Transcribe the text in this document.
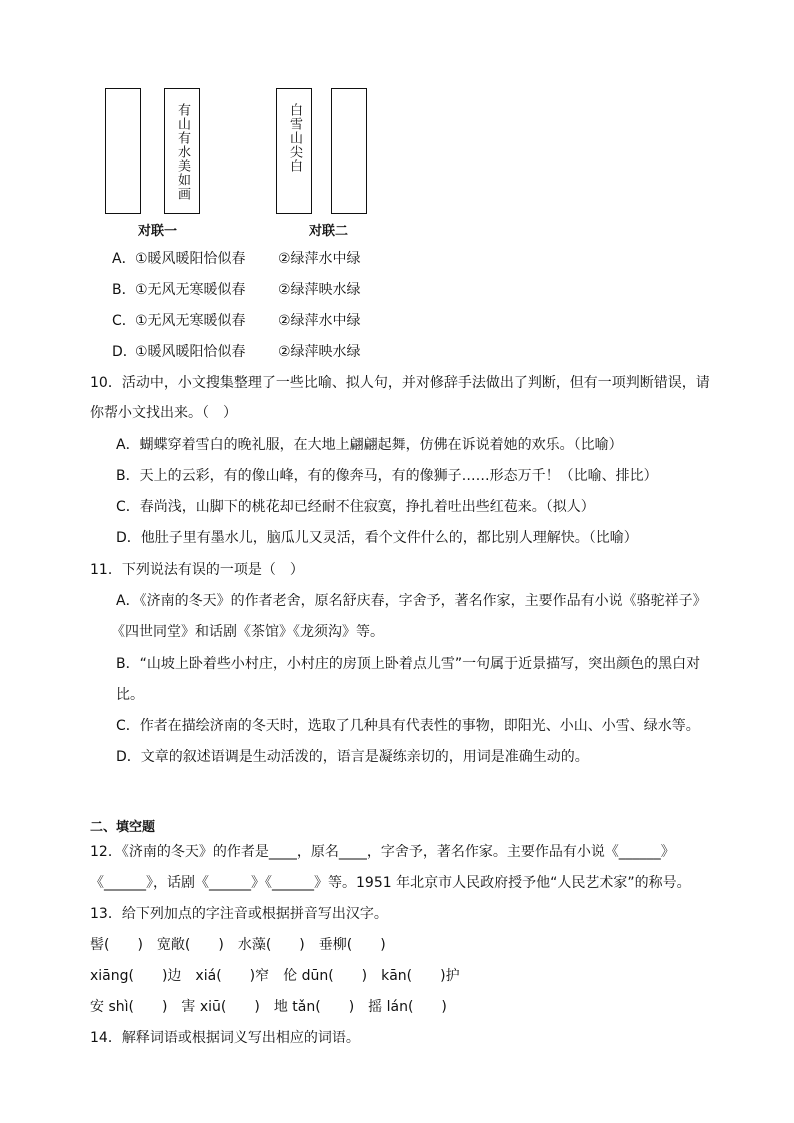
有山有水美如画	白雪山尖白
对联一	对联二
A． ①暖风暖阳恰似春 ②绿萍水中绿
B． ①无风无寒暖似春 ②绿萍映水绿
C． ①无风无寒暖似春 ②绿萍水中绿
D．
①暖风暖阳恰似春 ②绿萍映水绿
10．活动中，小文搜集整理了一些比喻、拟人句，并对修辞手法做出了判断，但有一项判断错误，请
你帮小文找出来。（　）
A．蝴蝶穿着雪白的晚礼服，在大地上翩翩起舞，仿佛在诉说着她的欢乐。（比喻）
B．天上的云彩，有的像山峰，有的像奔马，有的像狮子……形态万千！（比喻、排比）
C．春尚浅，山脚下的桃花却已经耐不住寂寞，挣扎着吐出些红苞来。（拟人）
D．他肚子里有墨水儿，脑瓜儿又灵活，看个文件什么的，都比别人理解快。（比喻）
11．下列说法有误的一项是（　）
A．《济南的冬天》的作者老舍，原名舒庆春，字舍予，著名作家，主要作品有小说《骆驼祥子》
《四世同堂》和话剧《茶馆》《龙须沟》等。
B．“山坡上卧着些小村庄，小村庄的房顶上卧着点儿雪”一句属于近景描写，突出颜色的黑白对
比。
C．作者在描绘济南的冬天时，选取了几种具有代表性的事物，即阳光、小山、小雪、绿水等。
D．文章的叙述语调是生动活泼的，语言是凝练亲切的，用词是准确生动的。
二、填空题
12．《济南的冬天》的作者是____，原名____，字舍予，著名作家。主要作品有小说《______》
《______》，话剧《______》《______》等。1951 年北京市人民政府授予他“人民艺术家”的称号。
13．给下列加点的字注音或根据拼音写出汉字。
髻(　　)　宽敞(　　)　水藻(　　)　垂柳(　　)
xiāng(　　)边　xiá(　　)窄　伦 dūn(　　)　kān(　　)护
安 shì(　　)　害 xiū(　　)　地 tǎn(　　)　摇 lán(　　)
14．解释词语或根据词义写出相应的词语。
